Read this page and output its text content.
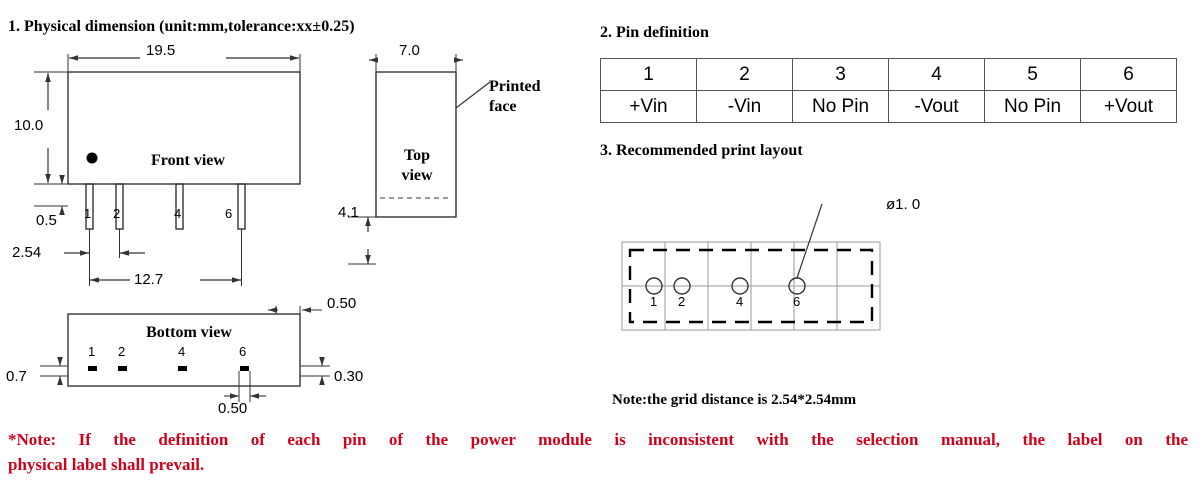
1. Physical dimension (unit:mm,tolerance:xx±0.25)
19.5
10.0
0.5
2.54
12.7
7.0
4.1
0.50
0.7	0.30
0.50
Front view	Top
view
Bottom view
Printed
face
1 2	4	6
1 2	4	6
2. Pin definition
1	2	3	4	5	6
+Vin	-Vin	No Pin	-Vout	No Pin	+Vout
3. Recommended print layout
ø1. 0
1 2	4	6
Note:the grid distance is 2.54*2.54mm
*Note: If the definition of each pin of the power module is inconsistent with the selection manual, the label on the
physical label shall prevail.
